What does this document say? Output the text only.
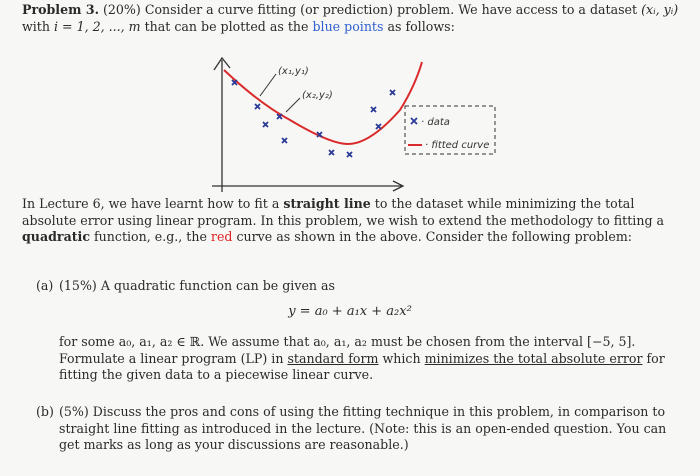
Problem 3. (20%) Consider a curve fitting (or prediction) problem. We have access to a dataset (xᵢ, yᵢ) with i = 1, 2, ..., m that can be plotted as the blue points as follows:
(x₁,y₁)
(x₂,y₂)
· data
· fitted curve
In Lecture 6, we have learnt how to fit a straight line to the dataset while minimizing the total absolute error using linear program. In this problem, we wish to extend the methodology to fitting a quadratic function, e.g., the red curve as shown in the above. Consider the following problem:
(a) (15%) A quadratic function can be given as
y = a₀ + a₁x + a₂x²
for some a₀, a₁, a₂ ∈ ℝ. We assume that a₀, a₁, a₂ must be chosen from the interval [−5, 5]. Formulate a linear program (LP) in standard form which minimizes the total absolute error for fitting the given data to a piecewise linear curve.
(b) (5%) Discuss the pros and cons of using the fitting technique in this problem, in comparison to straight line fitting as introduced in the lecture. (Note: this is an open-ended question. You can get marks as long as your discussions are reasonable.)
